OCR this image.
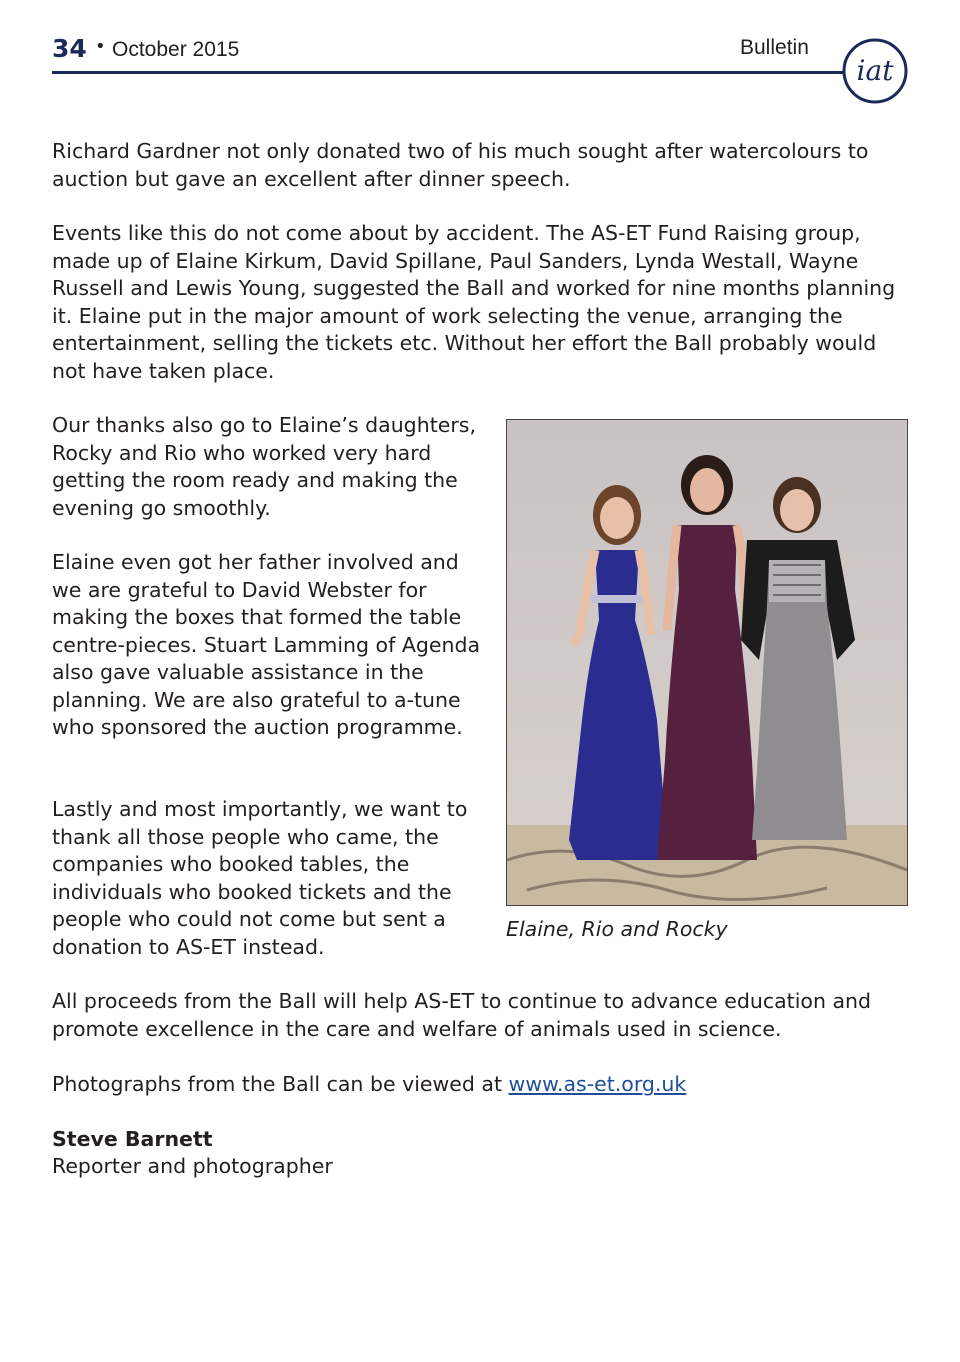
34 • October 2015	Bulletin
iat

Richard Gardner not only donated two of his much sought after watercolours to auction but gave an excellent after dinner speech.

Events like this do not come about by accident. The AS-ET Fund Raising group, made up of Elaine Kirkum, David Spillane, Paul Sanders, Lynda Westall, Wayne Russell and Lewis Young, suggested the Ball and worked for nine months planning it. Elaine put in the major amount of work selecting the venue, arranging the entertainment, selling the tickets etc. Without her effort the Ball probably would not have taken place.

Our thanks also go to Elaine’s daughters, Rocky and Rio who worked very hard getting the room ready and making the evening go smoothly.

Elaine even got her father involved and we are grateful to David Webster for making the boxes that formed the table centre-pieces. Stuart Lamming of Agenda also gave valuable assistance in the planning. We are also grateful to a-tune who sponsored the auction programme.

Lastly and most importantly, we want to thank all those people who came, the companies who booked tables, the individuals who booked tickets and the people who could not come but sent a donation to AS-ET instead.

All proceeds from the Ball will help AS-ET to continue to advance education and promote excellence in the care and welfare of animals used in science.

Photographs from the Ball can be viewed at www.as-et.org.uk

Steve Barnett
Reporter and photographer
Elaine, Rio and Rocky
